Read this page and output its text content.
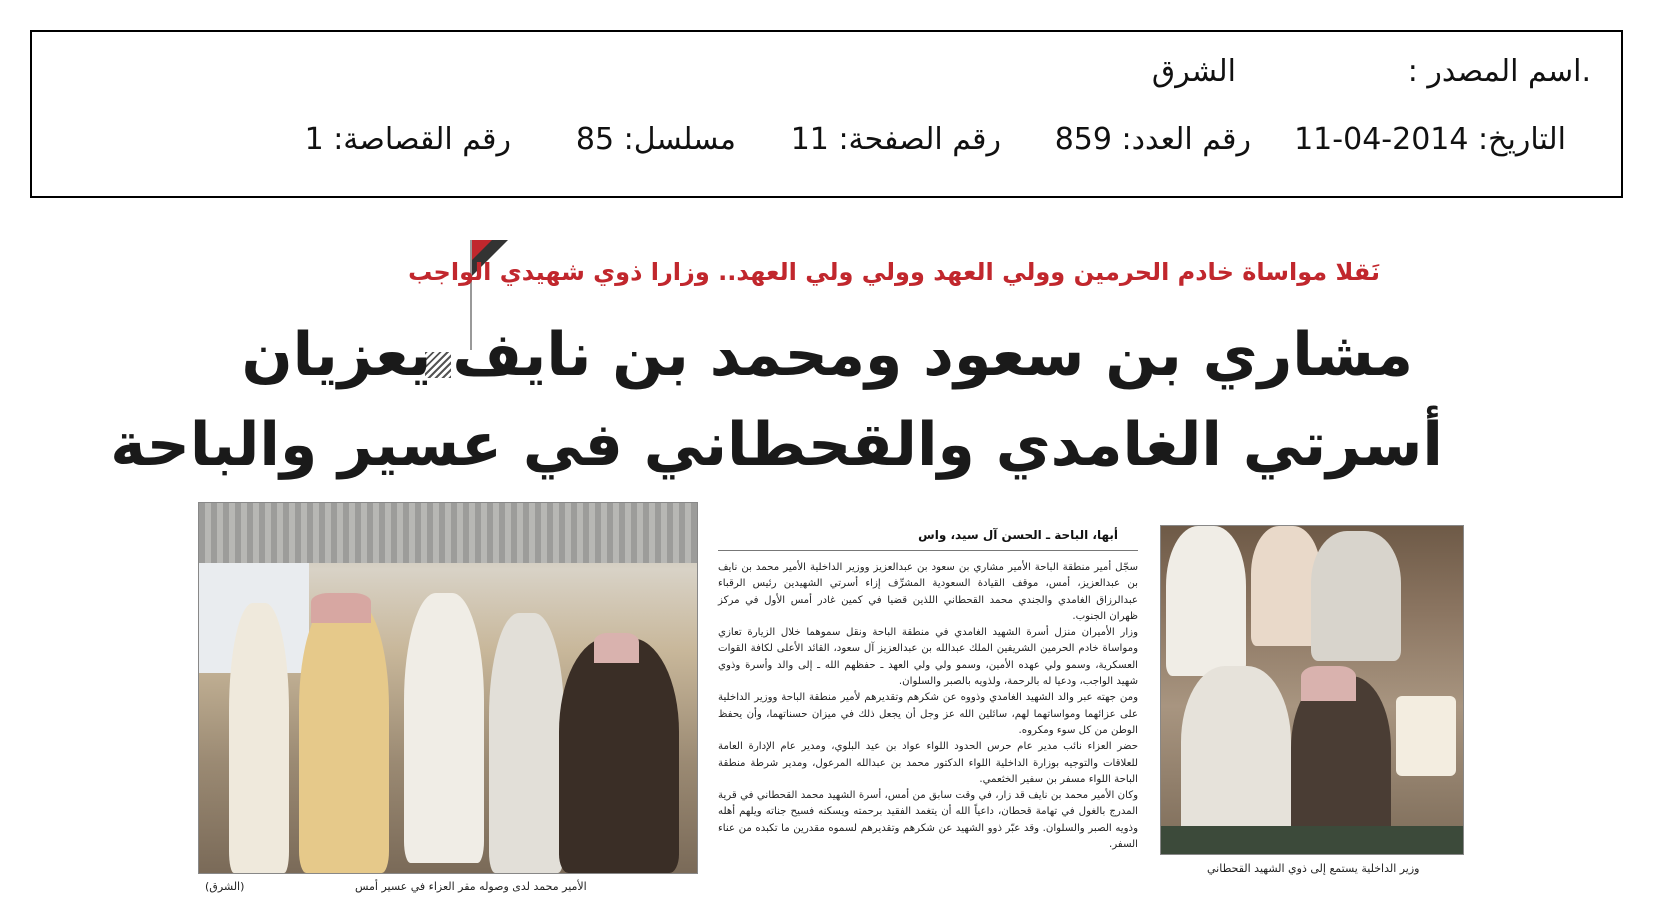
.اسم المصدر :
الشرق
التاريخ: 2014-04-11
رقم العدد: 859
رقم الصفحة: 11
مسلسل: 85
رقم القصاصة: 1
نَقلا مواساة خادم الحرمين وولي العهد وولي ولي العهد.. وزارا ذوي شهيدي الواجب
مشاري بن سعود ومحمد بن نايف يعزيان
أسرتي الغامدي والقحطاني في عسير والباحة
الأمير محمد لدى وصوله مقر العزاء في عسير أمس
(الشرق)
أبها، الباحة ـ الحسن آل سيد، واس

سجّل أمير منطقة الباحة الأمير مشاري بن سعود بن عبدالعزيز ووزير الداخلية الأمير محمد بن نايف بن عبدالعزيز، أمس، موقف القيادة السعودية المشرِّف إزاء أسرتي الشهيدين رئيس الرقباء عبدالرزاق الغامدي والجندي محمد القحطاني اللذين قضيا في كمين غادر أمس الأول في مركز ظهران الجنوب.

وزار الأميران منزل أسرة الشهيد الغامدي في منطقة الباحة ونقل سموهما خلال الزيارة تعازي ومواساة خادم الحرمين الشريفين الملك عبدالله بن عبدالعزيز آل سعود، القائد الأعلى لكافة القوات العسكرية، وسمو ولي عهده الأمين، وسمو ولي ولي العهد ـ حفظهم الله ـ إلى والد وأسرة وذوي شهيد الواجب، ودعيا له بالرحمة، ولذويه بالصبر والسلوان.

ومن جهته عبر والد الشهيد الغامدي وذووه عن شكرهم وتقديرهم لأمير منطقة الباحة ووزير الداخلية على عزائهما ومواساتهما لهم، سائلين الله عز وجل أن يجعل ذلك في ميزان حسناتهما، وأن يحفظ الوطن من كل سوء ومكروه.

حضر العزاء نائب مدير عام حرس الحدود اللواء عواد بن عيد البلوي، ومدير عام الإدارة العامة للعلاقات والتوجيه بوزارة الداخلية اللواء الدكتور محمد بن عبدالله المرعول، ومدير شرطة منطقة الباحة اللواء مسفر بن سفير الخثعمي.

وكان الأمير محمد بن نايف قد زار، في وقت سابق من أمس، أسرة الشهيد محمد القحطاني في قرية المدرج بالغول في تهامة قحطان، داعياً الله أن يتغمد الفقيد برحمته ويسكنه فسيح جناته ويلهم أهله وذويه الصبر والسلوان. وقد عبّر ذوو الشهيد عن شكرهم وتقديرهم لسموه مقدرين ما تكبده من عناء السفر.

وزير الداخلية يستمع إلى ذوي الشهيد القحطاني
